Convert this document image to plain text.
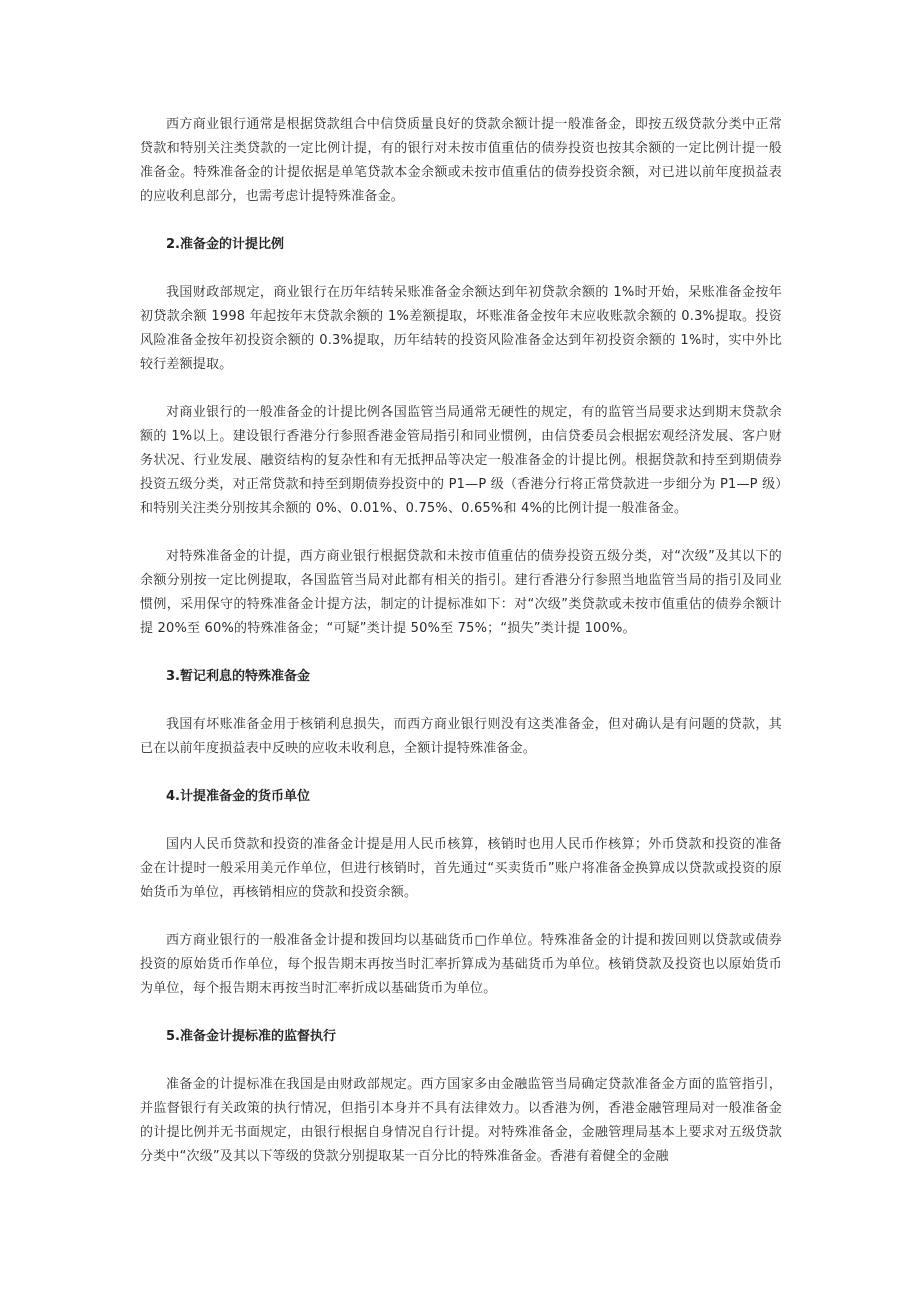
西方商业银行通常是根据贷款组合中信贷质量良好的贷款余额计提一般准备金，即按五级贷款分类中正常贷款和特别关注类贷款的一定比例计提，有的银行对未按市值重估的债券投资也按其余额的一定比例计提一般准备金。特殊准备金的计提依据是单笔贷款本金余额或未按市值重估的债券投资余额，对已进以前年度损益表的应收利息部分，也需考虑计提特殊准备金。

2.准备金的计提比例

我国财政部规定，商业银行在历年结转呆账准备金余额达到年初贷款余额的 1%时开始，呆账准备金按年初贷款余额 1998 年起按年末贷款余额的 1%差额提取，坏账准备金按年末应收账款余额的 0.3%提取。投资风险准备金按年初投资余额的 0.3%提取，历年结转的投资风险准备金达到年初投资余额的 1%时，实中外比较行差额提取。

对商业银行的一般准备金的计提比例各国监管当局通常无硬性的规定，有的监管当局要求达到期末贷款余额的 1%以上。建设银行香港分行参照香港金管局指引和同业惯例，由信贷委员会根据宏观经济发展、客户财务状况、行业发展、融资结构的复杂性和有无抵押品等决定一般准备金的计提比例。根据贷款和持至到期债券投资五级分类，对正常贷款和持至到期债券投资中的 P1—P 级（香港分行将正常贷款进一步细分为 P1—P 级）和特别关注类分别按其余额的 0%、0.01%、0.75%、0.65%和 4%的比例计提一般准备金。

对特殊准备金的计提，西方商业银行根据贷款和未按市值重估的债券投资五级分类，对“次级”及其以下的余额分别按一定比例提取，各国监管当局对此都有相关的指引。建行香港分行参照当地监管当局的指引及同业惯例，采用保守的特殊准备金计提方法，制定的计提标准如下：对“次级”类贷款或未按市值重估的债券余额计提 20%至 60%的特殊准备金；“可疑”类计提 50%至 75%；“损失”类计提 100%。

3.暂记利息的特殊准备金

我国有坏账准备金用于核销利息损失，而西方商业银行则没有这类准备金，但对确认是有问题的贷款，其已在以前年度损益表中反映的应收未收利息，全额计提特殊准备金。

4.计提准备金的货币单位

国内人民币贷款和投资的准备金计提是用人民币核算，核销时也用人民币作核算；外币贷款和投资的准备金在计提时一般采用美元作单位，但进行核销时，首先通过“买卖货币”账户将准备金换算成以贷款或投资的原始货币为单位，再核销相应的贷款和投资余额。

西方商业银行的一般准备金计提和拨回均以基础货币□作单位。特殊准备金的计提和拨回则以贷款或债券投资的原始货币作单位，每个报告期末再按当时汇率折算成为基础货币为单位。核销贷款及投资也以原始货币为单位，每个报告期末再按当时汇率折成以基础货币为单位。

5.准备金计提标准的监督执行

准备金的计提标准在我国是由财政部规定。西方国家多由金融监管当局确定贷款准备金方面的监管指引，并监督银行有关政策的执行情况，但指引本身并不具有法律效力。以香港为例，香港金融管理局对一般准备金的计提比例并无书面规定，由银行根据自身情况自行计提。对特殊准备金，金融管理局基本上要求对五级贷款分类中“次级”及其以下等级的贷款分别提取某一百分比的特殊准备金。香港有着健全的金融
